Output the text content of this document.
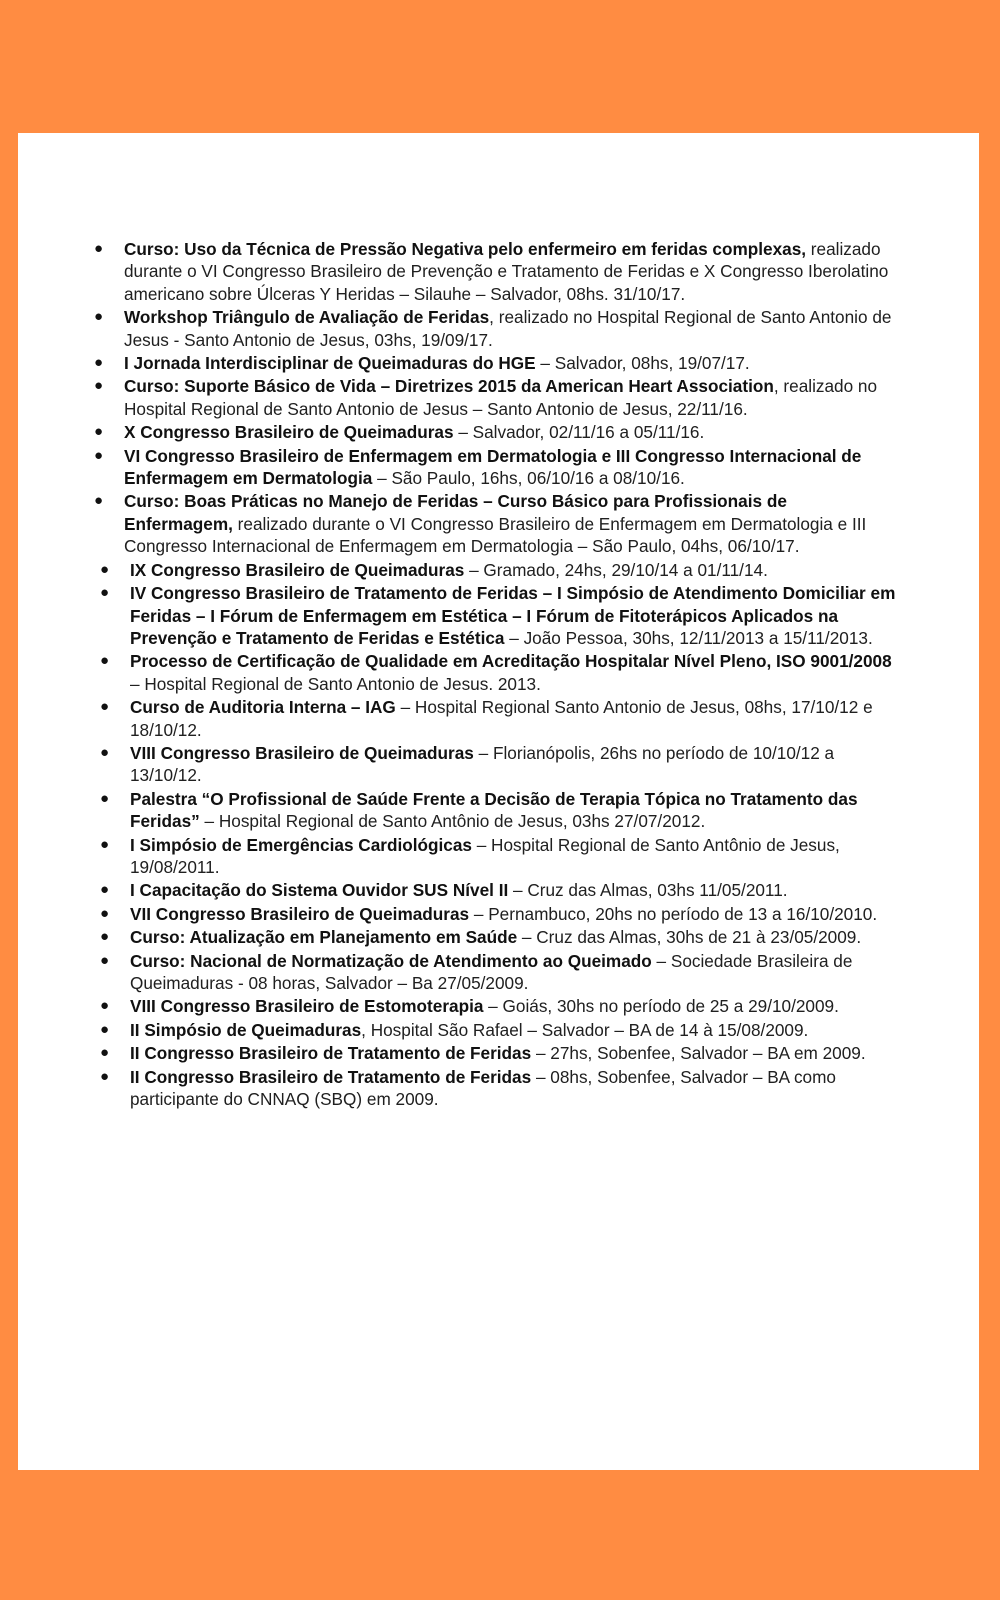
● Curso: Uso da Técnica de Pressão Negativa pelo enfermeiro em feridas complexas, realizado durante o VI Congresso Brasileiro de Prevenção e Tratamento de Feridas e X Congresso Iberolatino americano sobre Úlceras Y Heridas – Silauhe – Salvador, 08hs. 31/10/17.
● Workshop Triângulo de Avaliação de Feridas, realizado no Hospital Regional de Santo Antonio de Jesus - Santo Antonio de Jesus, 03hs, 19/09/17.
● I Jornada Interdisciplinar de Queimaduras do HGE – Salvador, 08hs, 19/07/17.
● Curso: Suporte Básico de Vida – Diretrizes 2015 da American Heart Association, realizado no Hospital Regional de Santo Antonio de Jesus – Santo Antonio de Jesus, 22/11/16.
● X Congresso Brasileiro de Queimaduras – Salvador, 02/11/16 a 05/11/16.
● VI Congresso Brasileiro de Enfermagem em Dermatologia e III Congresso Internacional de Enfermagem em Dermatologia – São Paulo, 16hs, 06/10/16 a 08/10/16.
● Curso: Boas Práticas no Manejo de Feridas – Curso Básico para Profissionais de Enfermagem, realizado durante o VI Congresso Brasileiro de Enfermagem em Dermatologia e III Congresso Internacional de Enfermagem em Dermatologia – São Paulo, 04hs, 06/10/17.
● IX Congresso Brasileiro de Queimaduras – Gramado, 24hs, 29/10/14 a 01/11/14.
● IV Congresso Brasileiro de Tratamento de Feridas – I Simpósio de Atendimento Domiciliar em Feridas – I Fórum de Enfermagem em Estética – I Fórum de Fitoterápicos Aplicados na Prevenção e Tratamento de Feridas e Estética – João Pessoa, 30hs, 12/11/2013 a 15/11/2013.
● Processo de Certificação de Qualidade em Acreditação Hospitalar Nível Pleno, ISO 9001/2008 – Hospital Regional de Santo Antonio de Jesus. 2013.
● Curso de Auditoria Interna – IAG – Hospital Regional Santo Antonio de Jesus, 08hs, 17/10/12 e 18/10/12.
● VIII Congresso Brasileiro de Queimaduras – Florianópolis, 26hs no período de 10/10/12 a 13/10/12.
● Palestra “O Profissional de Saúde Frente a Decisão de Terapia Tópica no Tratamento das Feridas” – Hospital Regional de Santo Antônio de Jesus, 03hs 27/07/2012.
● I Simpósio de Emergências Cardiológicas – Hospital Regional de Santo Antônio de Jesus, 19/08/2011.
● I Capacitação do Sistema Ouvidor SUS Nível II – Cruz das Almas, 03hs 11/05/2011.
● VII Congresso Brasileiro de Queimaduras – Pernambuco, 20hs no período de 13 a 16/10/2010.
● Curso: Atualização em Planejamento em Saúde – Cruz das Almas, 30hs de 21 à 23/05/2009.
● Curso: Nacional de Normatização de Atendimento ao Queimado – Sociedade Brasileira de Queimaduras - 08 horas, Salvador – Ba 27/05/2009.
● VIII Congresso Brasileiro de Estomoterapia – Goiás, 30hs no período de 25 a 29/10/2009.
● II Simpósio de Queimaduras, Hospital São Rafael – Salvador – BA de 14 à 15/08/2009.
● II Congresso Brasileiro de Tratamento de Feridas – 27hs, Sobenfee, Salvador – BA em 2009.
● II Congresso Brasileiro de Tratamento de Feridas – 08hs, Sobenfee, Salvador – BA como participante do CNNAQ (SBQ) em 2009.
